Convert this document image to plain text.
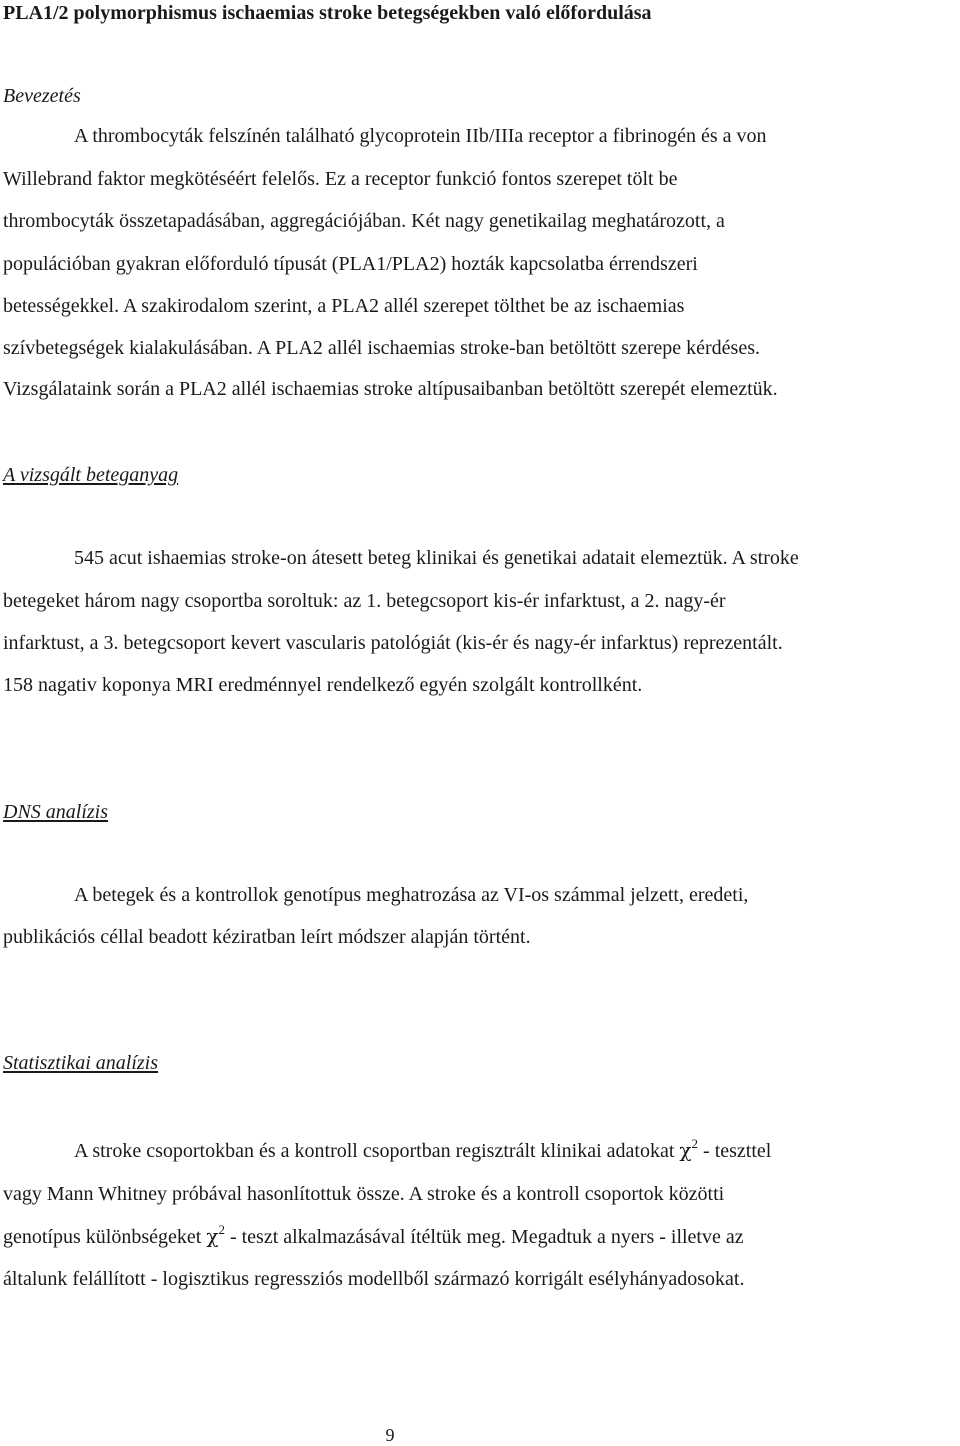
PLA1/2 polymorphismus ischaemias stroke betegségekben való előfordulása
Bevezetés
A thrombocyták felszínén található glycoprotein IIb/IIIa receptor a fibrinogén és a von
Willebrand faktor megkötéséért felelős. Ez a receptor funkció fontos szerepet tölt be
thrombocyták összetapadásában, aggregációjában. Két nagy genetikailag meghatározott, a
populációban gyakran előforduló típusát (PLA1/PLA2) hozták kapcsolatba érrendszeri
betességekkel. A szakirodalom szerint, a PLA2 allél szerepet tölthet be az ischaemias
szívbetegségek kialakulásában. A PLA2 allél ischaemias stroke-ban betöltött szerepe kérdéses.
Vizsgálataink során a PLA2 allél ischaemias stroke altípusaibanban betöltött szerepét elemeztük.
A vizsgált beteganyag
545 acut ishaemias stroke-on átesett beteg klinikai és genetikai adatait elemeztük. A stroke
betegeket három nagy csoportba soroltuk: az 1. betegcsoport kis-ér infarktust, a 2. nagy-ér
infarktust, a 3. betegcsoport kevert vascularis patológiát (kis-ér és nagy-ér infarktus) reprezentált.
158 nagativ koponya MRI eredménnyel rendelkező egyén szolgált kontrollként.
DNS analízis
A betegek és a kontrollok genotípus meghatrozása az VI-os számmal jelzett, eredeti,
publikációs céllal beadott kéziratban leírt módszer alapján történt.
Statisztikai analízis
A stroke csoportokban és a kontroll csoportban regisztrált klinikai adatokat $\chi^2$ - teszttel
vagy Mann Whitney próbával hasonlítottuk össze. A stroke és a kontroll csoportok közötti
genotípus különbségeket $\chi^2$ - teszt alkalmazásával ítéltük meg. Megadtuk a nyers - illetve az
általunk felállított - logisztikus regressziós modellből származó korrigált esélyhányadosokat.
9
